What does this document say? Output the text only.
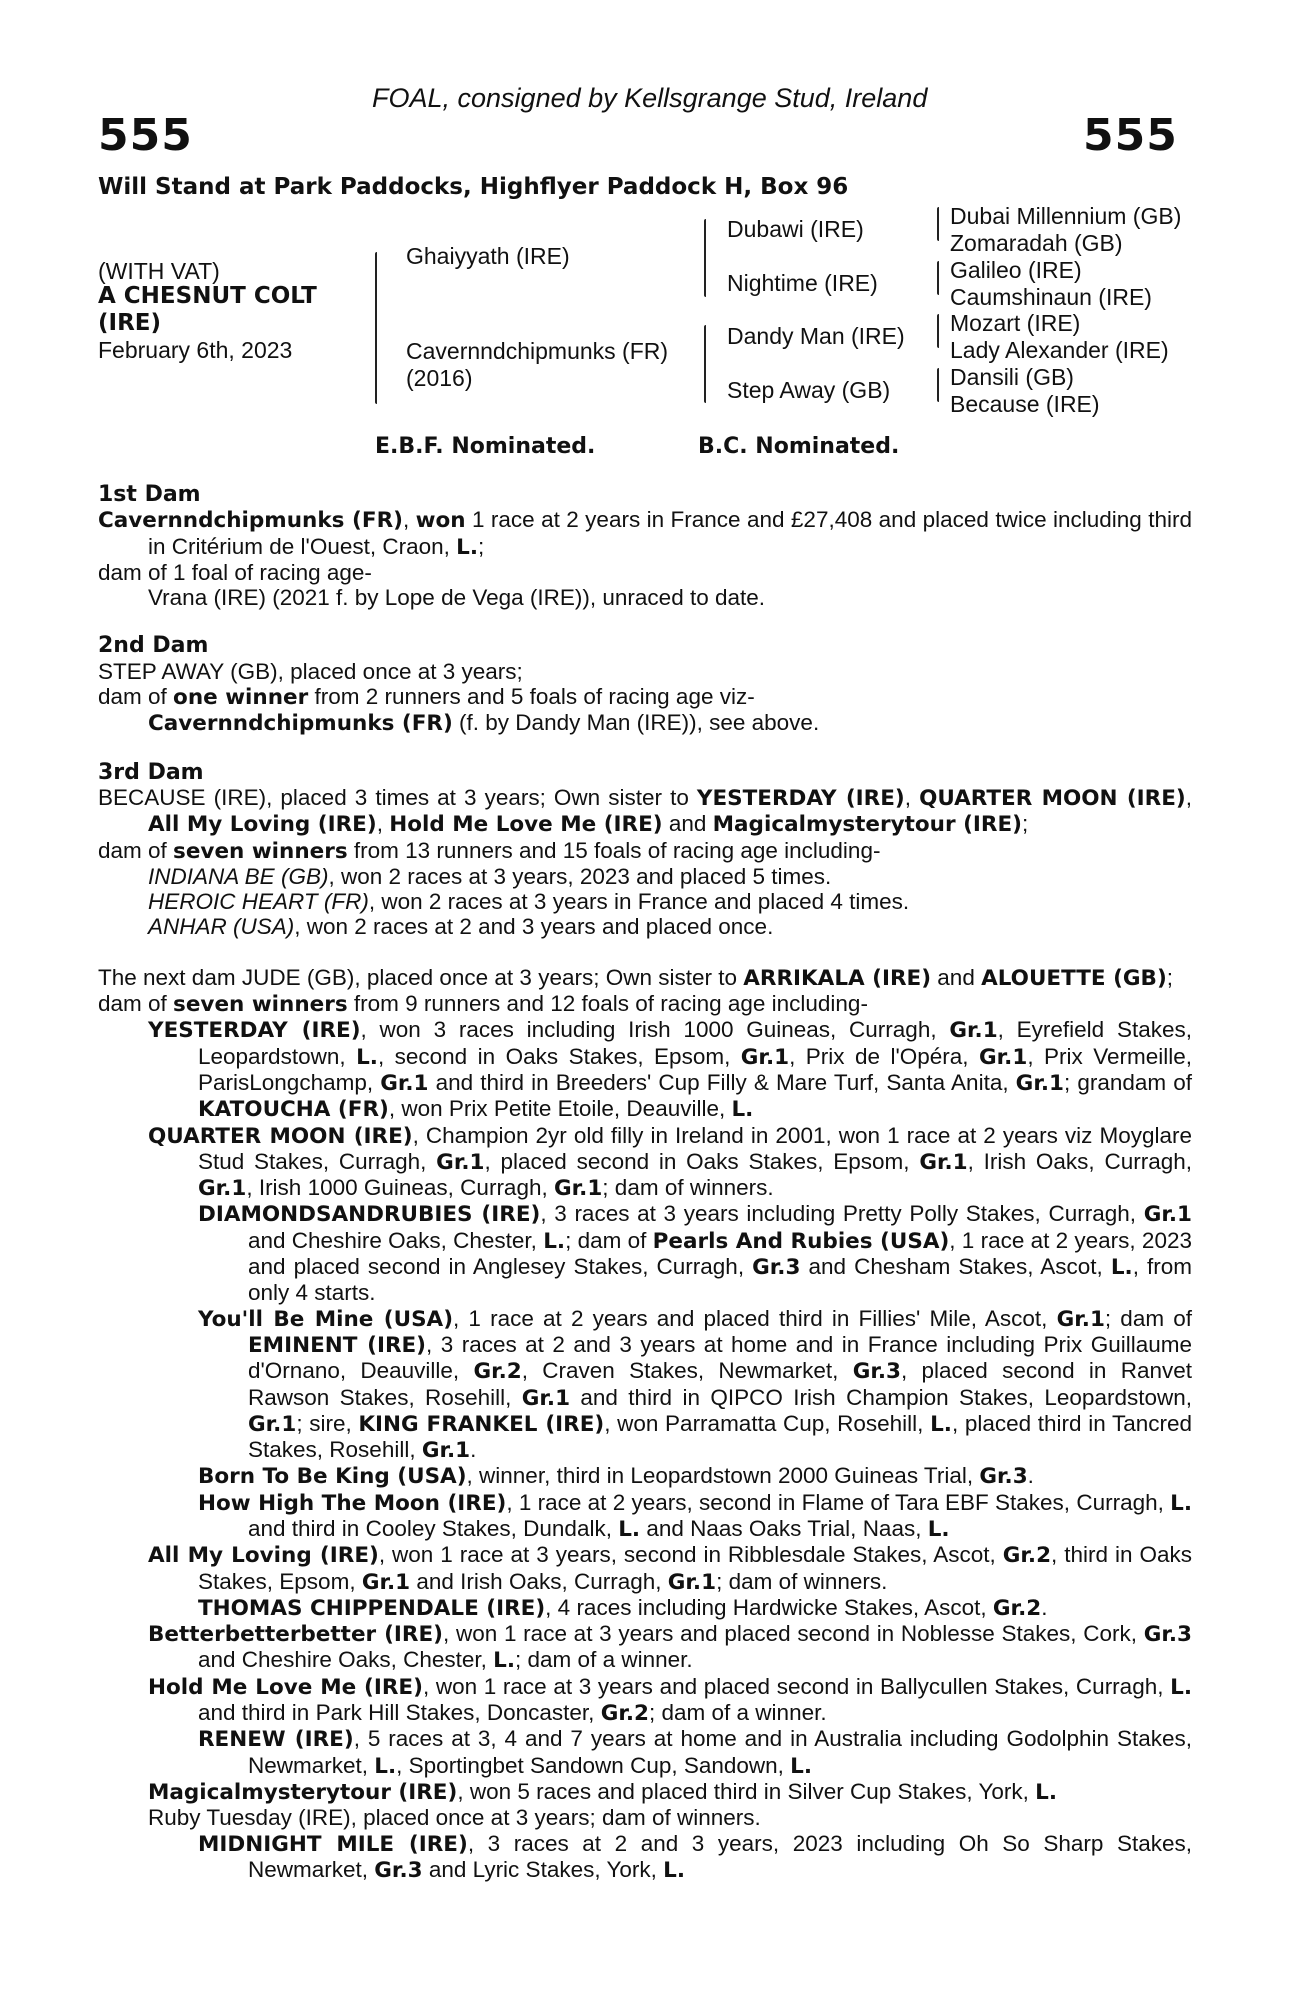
FOAL, consigned by Kellsgrange Stud, Ireland
555	555
Will Stand at Park Paddocks, Highflyer Paddock H, Box 96
(WITH VAT)
A CHESNUT COLT
(IRE)
February 6th, 2023
Ghaiyyath (IRE)
Cavernndchipmunks (FR)
(2016)
Dubawi (IRE)
Nightime (IRE)
Dandy Man (IRE)
Step Away (GB)
Dubai Millennium (GB)
Zomaradah (GB)
Galileo (IRE)
Caumshinaun (IRE)
Mozart (IRE)
Lady Alexander (IRE)
Dansili (GB)
Because (IRE)
E.B.F. Nominated.	B.C. Nominated.

1st Dam

Cavernndchipmunks (FR), won 1 race at 2 years in France and £27,408 and placed twice including third in Critérium de l'Ouest, Craon, L.;

dam of 1 foal of racing age-

Vrana (IRE) (2021 f. by Lope de Vega (IRE)), unraced to date.

2nd Dam

STEP AWAY (GB), placed once at 3 years;

dam of one winner from 2 runners and 5 foals of racing age viz-

Cavernndchipmunks (FR) (f. by Dandy Man (IRE)), see above.

3rd Dam

BECAUSE (IRE), placed 3 times at 3 years; Own sister to YESTERDAY (IRE), QUARTER MOON (IRE), All My Loving (IRE), Hold Me Love Me (IRE) and Magicalmysterytour (IRE);

dam of seven winners from 13 runners and 15 foals of racing age including-

INDIANA BE (GB), won 2 races at 3 years, 2023 and placed 5 times.

HEROIC HEART (FR), won 2 races at 3 years in France and placed 4 times.

ANHAR (USA), won 2 races at 2 and 3 years and placed once.

The next dam JUDE (GB), placed once at 3 years; Own sister to ARRIKALA (IRE) and ALOUETTE (GB);

dam of seven winners from 9 runners and 12 foals of racing age including-

YESTERDAY (IRE), won 3 races including Irish 1000 Guineas, Curragh, Gr.1, Eyrefield Stakes, Leopardstown, L., second in Oaks Stakes, Epsom, Gr.1, Prix de l'Opéra, Gr.1, Prix Vermeille, ParisLongchamp, Gr.1 and third in Breeders' Cup Filly & Mare Turf, Santa Anita, Gr.1; grandam of KATOUCHA (FR), won Prix Petite Etoile, Deauville, L.

QUARTER MOON (IRE), Champion 2yr old filly in Ireland in 2001, won 1 race at 2 years viz Moyglare Stud Stakes, Curragh, Gr.1, placed second in Oaks Stakes, Epsom, Gr.1, Irish Oaks, Curragh, Gr.1, Irish 1000 Guineas, Curragh, Gr.1; dam of winners.

DIAMONDSANDRUBIES (IRE), 3 races at 3 years including Pretty Polly Stakes, Curragh, Gr.1 and Cheshire Oaks, Chester, L.; dam of Pearls And Rubies (USA), 1 race at 2 years, 2023 and placed second in Anglesey Stakes, Curragh, Gr.3 and Chesham Stakes, Ascot, L., from only 4 starts.

You'll Be Mine (USA), 1 race at 2 years and placed third in Fillies' Mile, Ascot, Gr.1; dam of EMINENT (IRE), 3 races at 2 and 3 years at home and in France including Prix Guillaume d'Ornano, Deauville, Gr.2, Craven Stakes, Newmarket, Gr.3, placed second in Ranvet Rawson Stakes, Rosehill, Gr.1 and third in QIPCO Irish Champion Stakes, Leopardstown, Gr.1; sire, KING FRANKEL (IRE), won Parramatta Cup, Rosehill, L., placed third in Tancred Stakes, Rosehill, Gr.1.

Born To Be King (USA), winner, third in Leopardstown 2000 Guineas Trial, Gr.3.

How High The Moon (IRE), 1 race at 2 years, second in Flame of Tara EBF Stakes, Curragh, L. and third in Cooley Stakes, Dundalk, L. and Naas Oaks Trial, Naas, L.

All My Loving (IRE), won 1 race at 3 years, second in Ribblesdale Stakes, Ascot, Gr.2, third in Oaks Stakes, Epsom, Gr.1 and Irish Oaks, Curragh, Gr.1; dam of winners.

THOMAS CHIPPENDALE (IRE), 4 races including Hardwicke Stakes, Ascot, Gr.2.

Betterbetterbetter (IRE), won 1 race at 3 years and placed second in Noblesse Stakes, Cork, Gr.3 and Cheshire Oaks, Chester, L.; dam of a winner.

Hold Me Love Me (IRE), won 1 race at 3 years and placed second in Ballycullen Stakes, Curragh, L. and third in Park Hill Stakes, Doncaster, Gr.2; dam of a winner.

RENEW (IRE), 5 races at 3, 4 and 7 years at home and in Australia including Godolphin Stakes, Newmarket, L., Sportingbet Sandown Cup, Sandown, L.

Magicalmysterytour (IRE), won 5 races and placed third in Silver Cup Stakes, York, L.

Ruby Tuesday (IRE), placed once at 3 years; dam of winners.

MIDNIGHT MILE (IRE), 3 races at 2 and 3 years, 2023 including Oh So Sharp Stakes, Newmarket, Gr.3 and Lyric Stakes, York, L.
